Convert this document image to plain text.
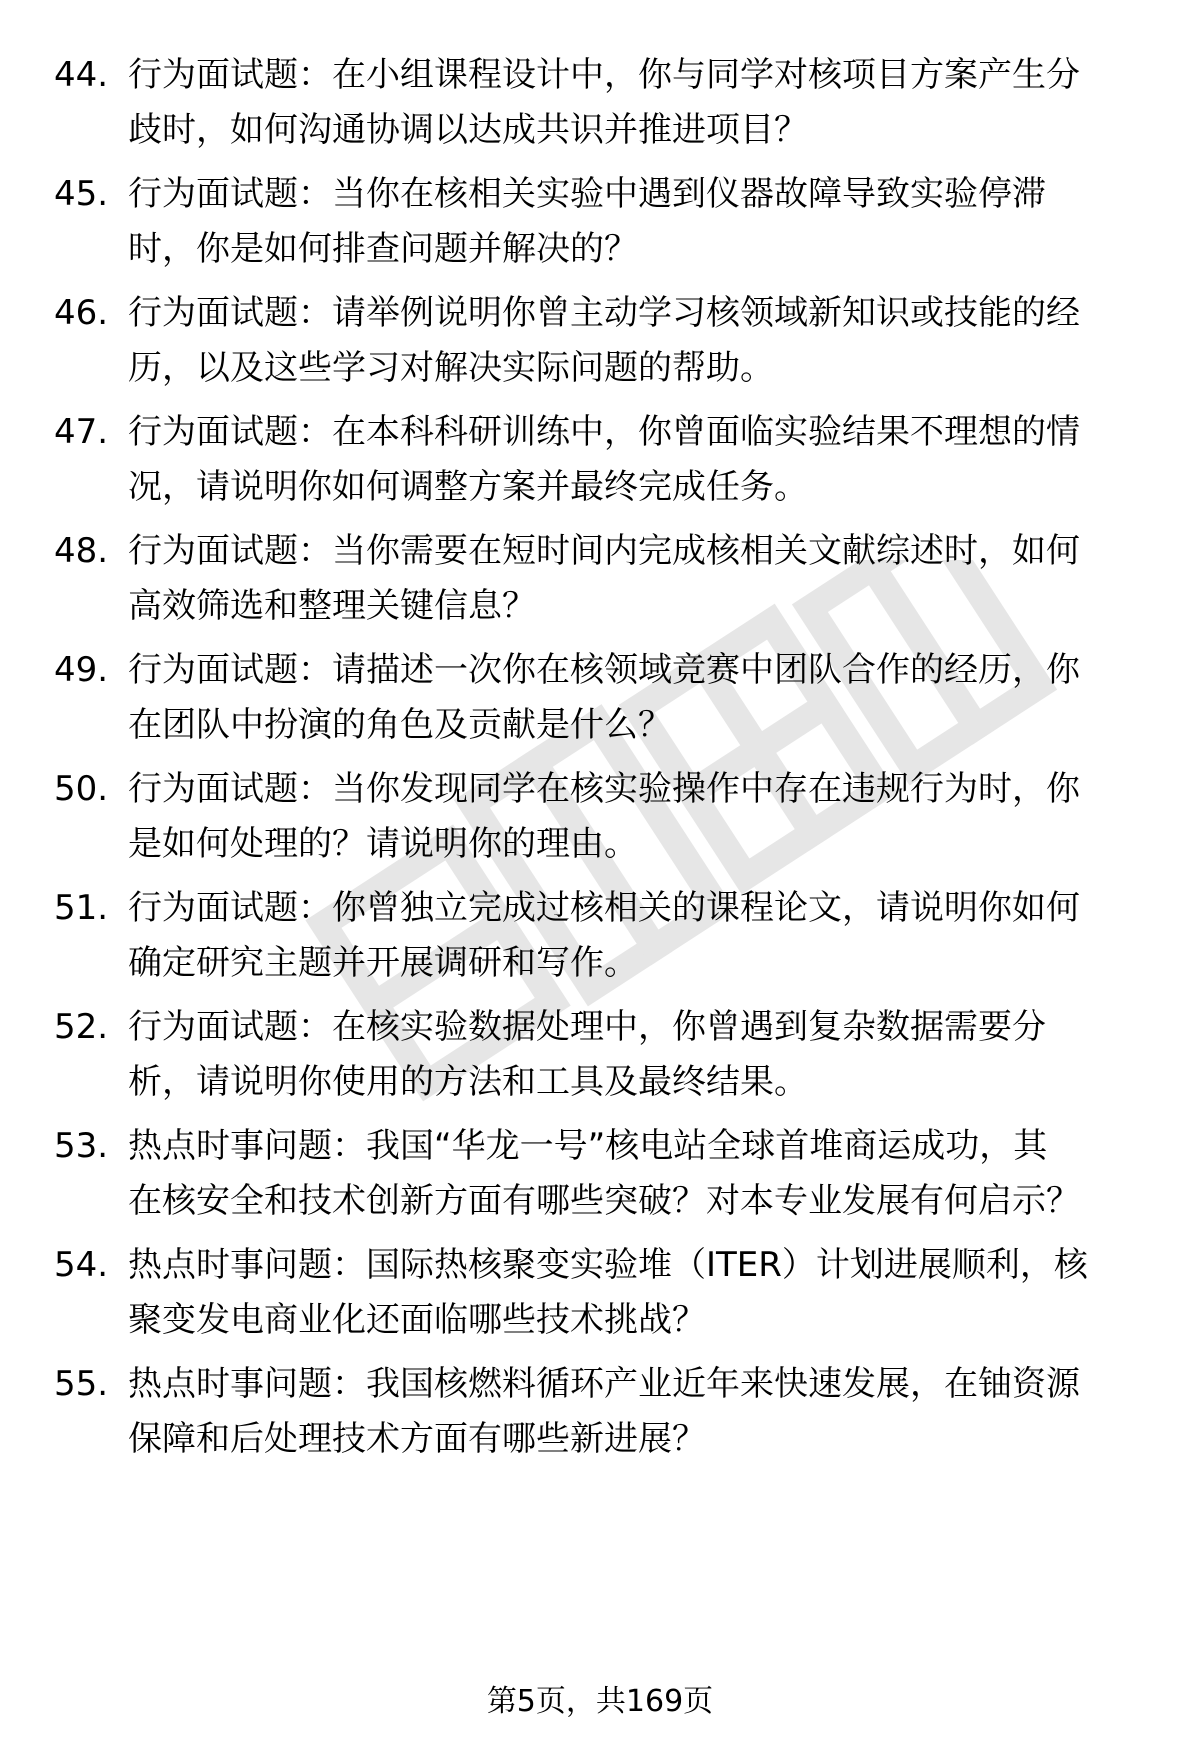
44. 行为面试题：在小组课程设计中，你与同学对核项目方案产生分
歧时，如何沟通协调以达成共识并推进项目？
45. 行为面试题：当你在核相关实验中遇到仪器故障导致实验停滞
时，你是如何排查问题并解决的？
46. 行为面试题：请举例说明你曾主动学习核领域新知识或技能的经
历，以及这些学习对解决实际问题的帮助。
47. 行为面试题：在本科科研训练中，你曾面临实验结果不理想的情
况，请说明你如何调整方案并最终完成任务。
48. 行为面试题：当你需要在短时间内完成核相关文献综述时，如何
高效筛选和整理关键信息？
49. 行为面试题：请描述一次你在核领域竞赛中团队合作的经历，你
在团队中扮演的角色及贡献是什么？
50. 行为面试题：当你发现同学在核实验操作中存在违规行为时，你
是如何处理的？请说明你的理由。
51. 行为面试题：你曾独立完成过核相关的课程论文，请说明你如何
确定研究主题并开展调研和写作。
52. 行为面试题：在核实验数据处理中，你曾遇到复杂数据需要分
析，请说明你使用的方法和工具及最终结果。
53. 热点时事问题：我国“华龙一号”核电站全球首堆商运成功，其
在核安全和技术创新方面有哪些突破？对本专业发展有何启示？
54. 热点时事问题：国际热核聚变实验堆（ITER）计划进展顺利，核
聚变发电商业化还面临哪些技术挑战？
55. 热点时事问题：我国核燃料循环产业近年来快速发展，在铀资源
保障和后处理技术方面有哪些新进展？
第5页，共169页
